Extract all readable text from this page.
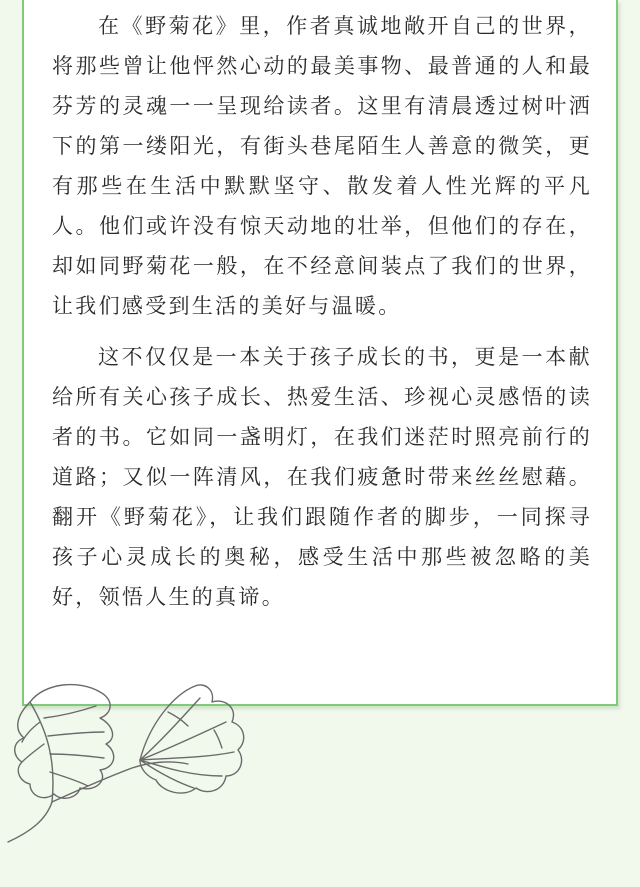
在《野菊花》里，作者真诚地敞开自己的世界，将那些曾让他怦然心动的最美事物、最普通的人和最芬芳的灵魂一一呈现给读者。这里有清晨透过树叶洒下的第一缕阳光，有街头巷尾陌生人善意的微笑，更有那些在生活中默默坚守、散发着人性光辉的平凡人。他们或许没有惊天动地的壮举，但他们的存在，却如同野菊花一般，在不经意间装点了我们的世界，让我们感受到生活的美好与温暖。

这不仅仅是一本关于孩子成长的书，更是一本献给所有关心孩子成长、热爱生活、珍视心灵感悟的读者的书。它如同一盏明灯，在我们迷茫时照亮前行的道路；又似一阵清风，在我们疲惫时带来丝丝慰藉。翻开《野菊花》，让我们跟随作者的脚步，一同探寻孩子心灵成长的奥秘，感受生活中那些被忽略的美好，领悟人生的真谛。
